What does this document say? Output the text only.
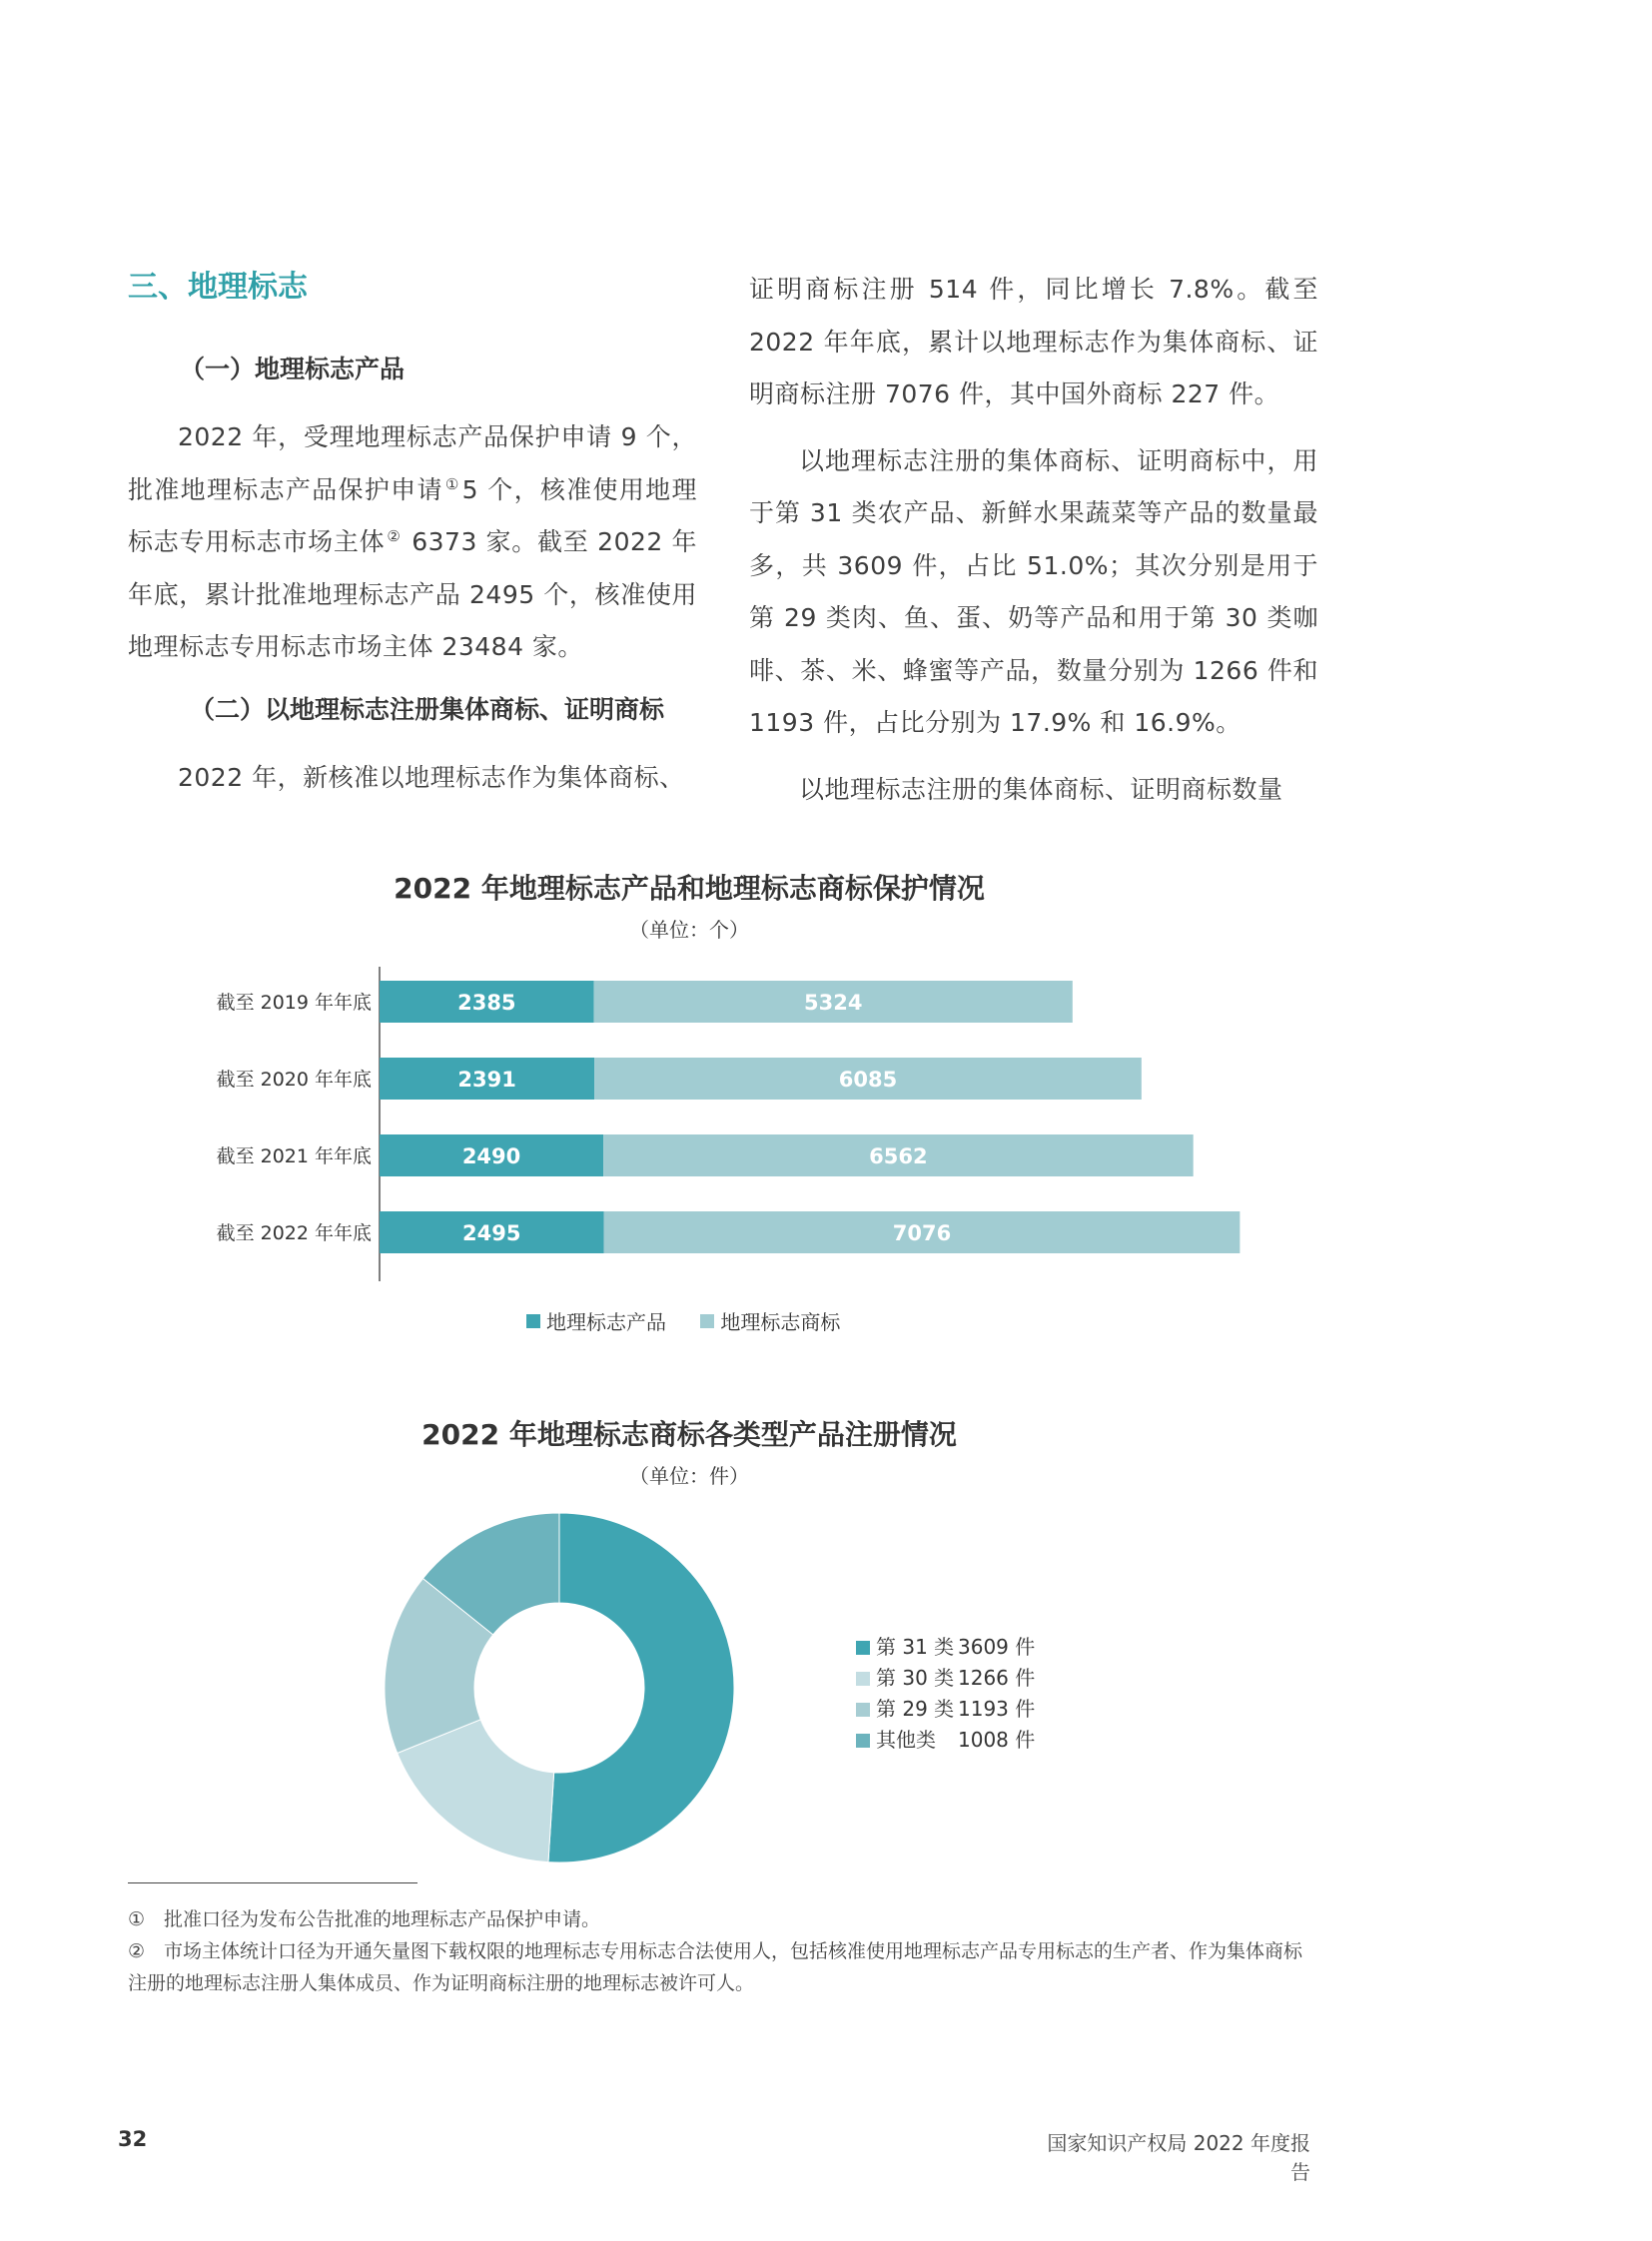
三、地理标志
（一）地理标志产品

2022 年，受理地理标志产品保护申请 9 个，批准地理标志产品保护申请 ①5 个，核准使用地理标志专用标志市场主体 ② 6373 家。截至 2022 年年底，累计批准地理标志产品 2495 个，核准使用地理标志专用标志市场主体 23484 家。

（二）以地理标志注册集体商标、证明商标

2022 年，新核准以地理标志作为集体商标、

证明商标注册 514 件，同比增长 7.8%。截至 2022 年年底，累计以地理标志作为集体商标、证明商标注册 7076 件，其中国外商标 227 件。

以地理标志注册的集体商标、证明商标中，用于第 31 类农产品、新鲜水果蔬菜等产品的数量最多，共 3609 件，占比 51.0%；其次分别是用于第 29 类肉、鱼、蛋、奶等产品和用于第 30 类咖啡、茶、米、蜂蜜等产品，数量分别为 1266 件和 1193 件，占比分别为 17.9% 和 16.9%。

以地理标志注册的集体商标、证明商标数量

2022 年地理标志产品和地理标志商标保护情况
（单位：个）
截至 2019 年年底	2385	5324
截至 2020 年年底	2391	6085
截至 2021 年年底	2490	6562
截至 2022 年年底	2495	7076
地理标志产品
	地理标志商标
2022 年地理标志商标各类型产品注册情况
（单位：件）
第 31 类 3609 件
第 30 类 1266 件
第 29 类 1193 件
其他类	1008 件
①　批准口径为发布公告批准的地理标志产品保护申请。
②　市场主体统计口径为开通矢量图下载权限的地理标志专用标志合法使用人，包括核准使用地理标志产品专用标志的生产者、作为集体商标注册的地理标志注册人集体成员、作为证明商标注册的地理标志被许可人。
32	国家知识产权局 2022 年度报告
